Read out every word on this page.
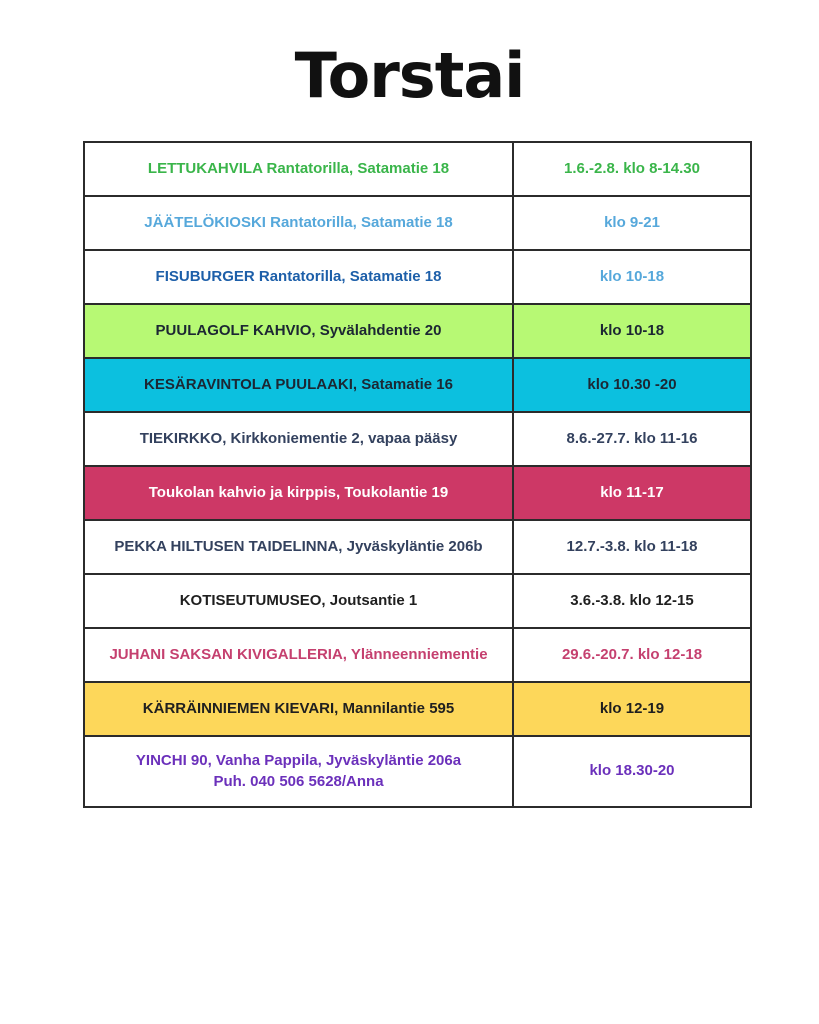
Torstai
LETTUKAHVILA Rantatorilla, Satamatie 18	1.6.-2.8. klo 8-14.30

JÄÄTELÖKIOSKI Rantatorilla, Satamatie 18	klo 9-21

FISUBURGER Rantatorilla, Satamatie 18	klo 10-18

PUULAGOLF KAHVIO, Syvälahdentie 20	klo 10-18

KESÄRAVINTOLA PUULAAKI, Satamatie 16	klo 10.30 -20

TIEKIRKKO, Kirkkoniementie 2, vapaa pääsy	8.6.-27.7. klo 11-16

Toukolan kahvio ja kirppis, Toukolantie 19	klo 11-17

PEKKA HILTUSEN TAIDELINNA, Jyväskyläntie 206b	12.7.-3.8. klo 11-18

KOTISEUTUMUSEO, Joutsantie 1	3.6.-3.8. klo 12-15

JUHANI SAKSAN KIVIGALLERIA, Ylänneenniementie	29.6.-20.7. klo 12-18

KÄRRÄINNIEMEN KIEVARI, Mannilantie 595	klo 12-19

YINCHI 90, Vanha Pappila, Jyväskyläntie 206a
Puh. 040 506 5628/Anna	klo 18.30-20
